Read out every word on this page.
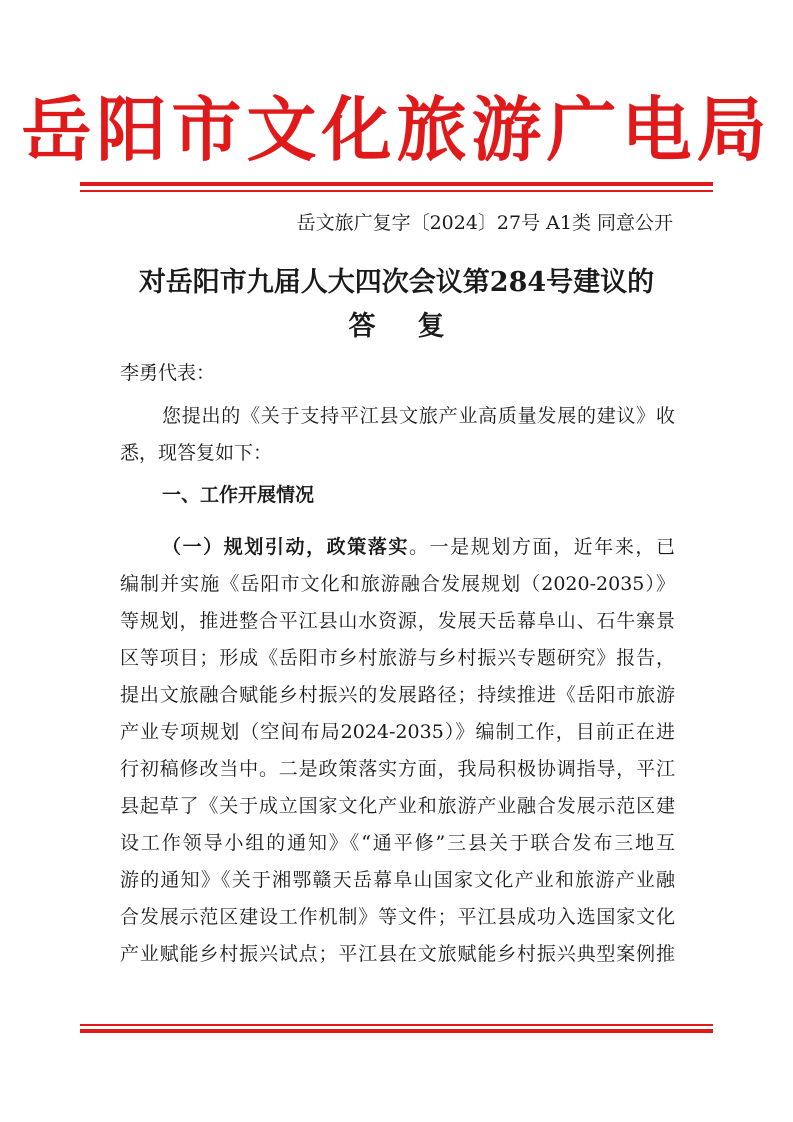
岳阳市文化旅游广电局
岳文旅广复字〔2024〕27号 A1类 同意公开
对岳阳市九届人大四次会议第284号建议的
答复
李勇代表：
您提出的《关于支持平江县文旅产业高质量发展的建议》收
悉，现答复如下：
一、工作开展情况
（一）规划引动，政策落实。一是规划方面，近年来，已
编制并实施《岳阳市文化和旅游融合发展规划（2020-2035）》
等规划，推进整合平江县山水资源，发展天岳幕阜山、石牛寨景
区等项目；形成《岳阳市乡村旅游与乡村振兴专题研究》报告，
提出文旅融合赋能乡村振兴的发展路径；持续推进《岳阳市旅游
产业专项规划（空间布局2024-2035）》编制工作，目前正在进
行初稿修改当中。二是政策落实方面，我局积极协调指导，平江
县起草了《关于成立国家文化产业和旅游产业融合发展示范区建
设工作领导小组的通知》《“通平修”三县关于联合发布三地互
游的通知》《关于湘鄂赣天岳幕阜山国家文化产业和旅游产业融
合发展示范区建设工作机制》等文件；平江县成功入选国家文化
产业赋能乡村振兴试点；平江县在文旅赋能乡村振兴典型案例推
